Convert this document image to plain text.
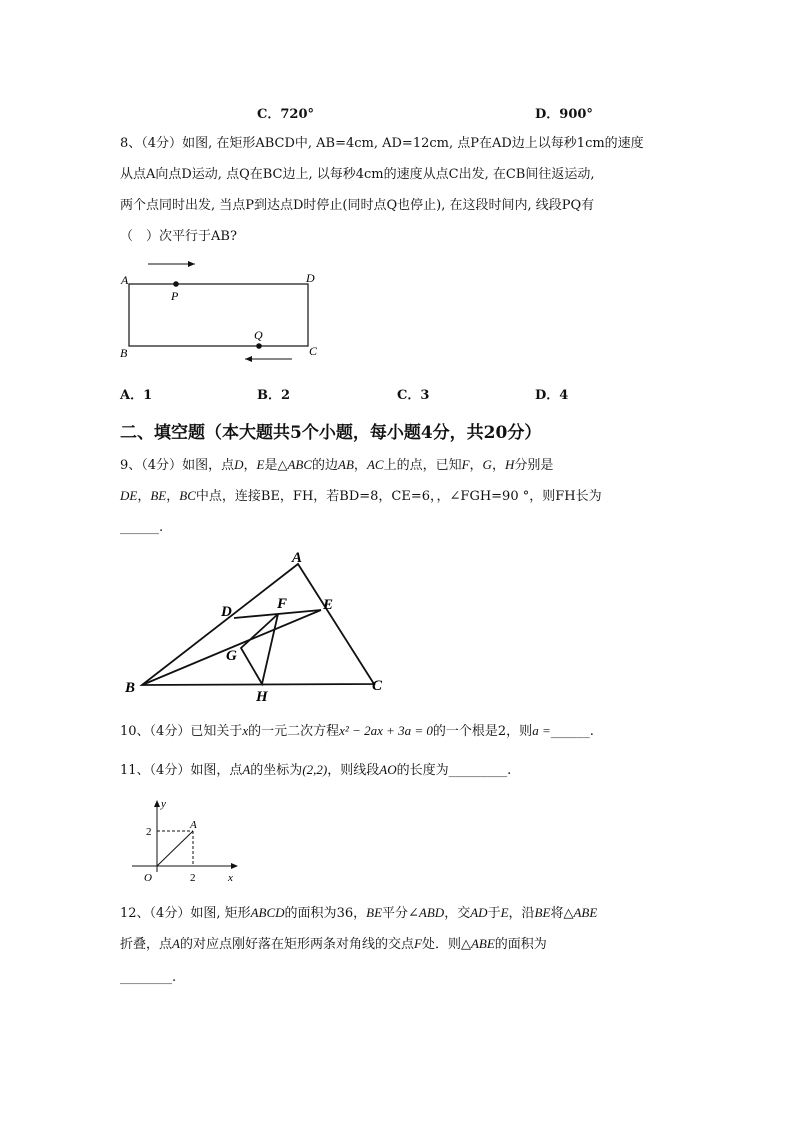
C．720°	D．900°
8、（4分）如图, 在矩形ABCD中, AB=4cm, AD=12cm, 点P在AD边上以每秒1cm的速度
从点A向点D运动, 点Q在BC边上, 以每秒4cm的速度从点C出发, 在CB间往返运动,
两个点同时出发, 当点P到达点D时停止(同时点Q也停止), 在这段时间内, 线段PQ有
（　）次平行于AB?
A	D
P
Q
B	C
A．1	B．2	C．3	D．4
二、填空题（本大题共5个小题，每小题4分，共20分）
9、（4分）如图，点D，E是△ABC的边AB，AC上的点，已知F，G，H分别是
DE，BE，BC中点，连接BE，FH，若BD=8，CE=6，，∠FGH=90 °，则FH长为
______.
A
B	C
D	E
F
G
H
10、（4分）已知关于x的一元二次方程x² − 2ax + 3a = 0的一个根是2，则a =______.
11、（4分）如图，点A的坐标为(2,2)，则线段AO的长度为_________.
y
x
A
O
2
2
12、（4分）如图, 矩形ABCD的面积为36，BE平分∠ABD，交AD于E，沿BE将△ABE
折叠，点A的对应点刚好落在矩形两条对角线的交点F处．则△ABE的面积为
________.
